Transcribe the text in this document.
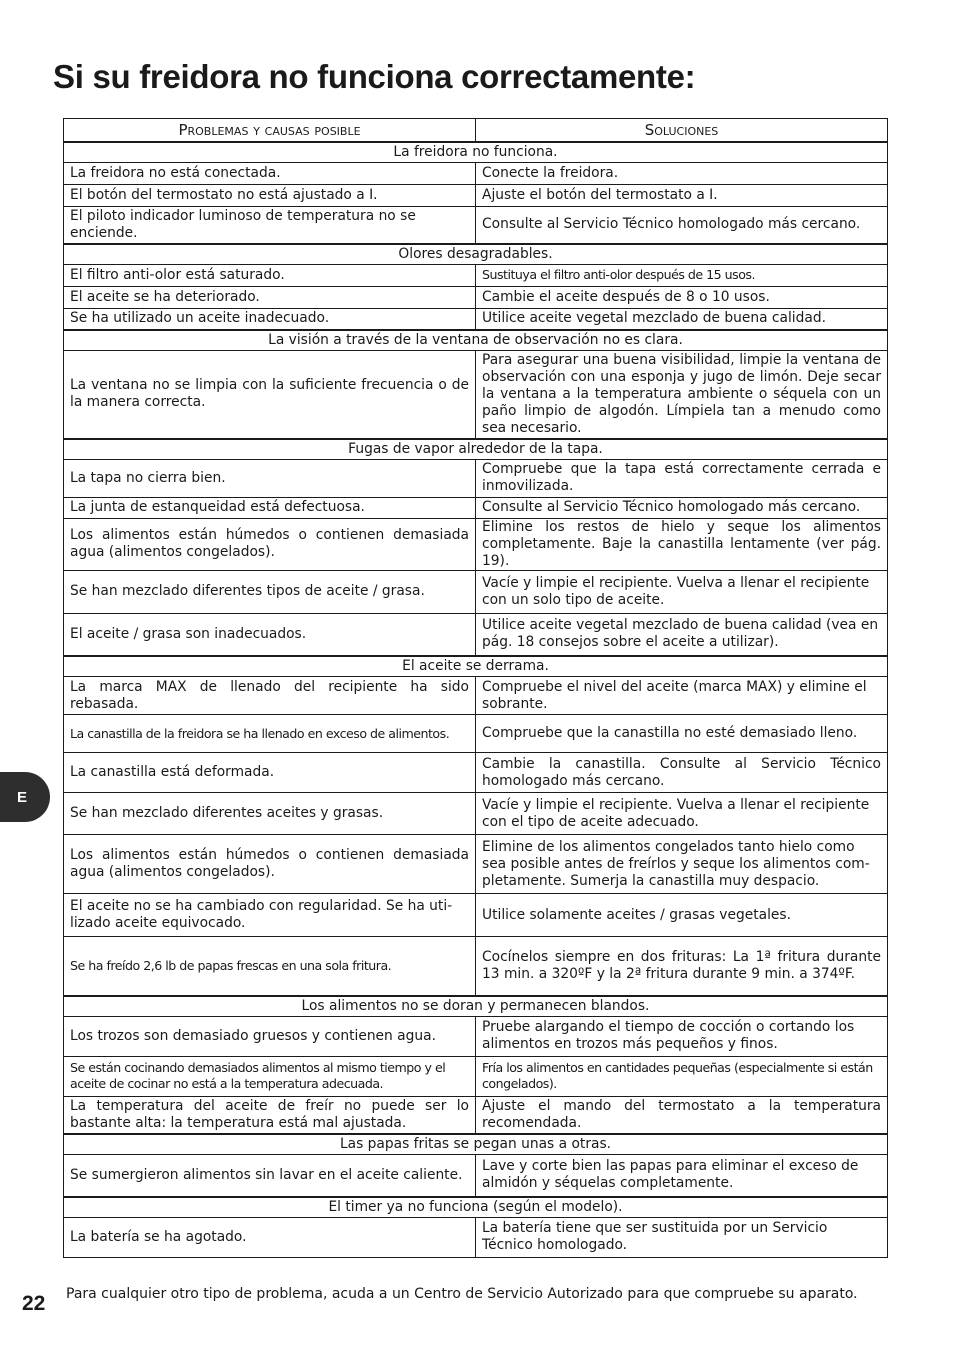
Si su freidora no funciona correctamente:
Problemas y causas posible	Soluciones
La freidora no funciona.	
La freidora no está conectada.	Conecte la freidora.
El botón del termostato no está ajustado a I.	Ajuste el botón del termostato a I.
El piloto indicador luminoso de temperatura no se enciende.	Consulte al Servicio Técnico homologado más cercano.
Olores desagradables.	
El filtro anti-olor está saturado.	Sustituya el filtro anti-olor después de 15 usos.
El aceite se ha deteriorado.	Cambie el aceite después de 8 o 10 usos.
Se ha utilizado un aceite inadecuado.	Utilice aceite vegetal mezclado de buena calidad.
La visión a través de la ventana de observación no es clara.	
La ventana no se limpia con la suficiente frecuencia o de la manera correcta.	Para asegurar una buena visibilidad, limpie la ventana de observación con una esponja y jugo de limón. Deje secar la ventana a la temperatura ambiente o séquela con un paño limpio de algodón. Límpiela tan a menudo como sea necesario.
Fugas de vapor alrededor de la tapa.	
La tapa no cierra bien.	Compruebe que la tapa está correctamente cerrada e inmovilizada.
La junta de estanqueidad está defectuosa.	Consulte al Servicio Técnico homologado más cercano.
Los alimentos están húmedos o contienen demasiada agua (alimentos congelados).	Elimine los restos de hielo y seque los alimentos completamente. Baje la canastilla lentamente (ver pág. 19).
Se han mezclado diferentes tipos de aceite / grasa.	Vacíe y limpie el recipiente. Vuelva a llenar el recipiente con un solo tipo de aceite.
El aceite / grasa son inadecuados.	Utilice aceite vegetal mezclado de buena calidad (vea en pág. 18 consejos sobre el aceite a utilizar).
El aceite se derrama.	
La marca MAX de llenado del recipiente ha sido rebasada.	Compruebe el nivel del aceite (marca MAX) y elimine el sobrante.
La canastilla de la freidora se ha llenado en exceso de alimentos.	Compruebe que la canastilla no esté demasiado lleno.
La canastilla está deformada.	Cambie la canastilla. Consulte al Servicio Técnico homologado más cercano.
Se han mezclado diferentes aceites y grasas.	Vacíe y limpie el recipiente. Vuelva a llenar el recipiente con el tipo de aceite adecuado.
Los alimentos están húmedos o contienen demasiada agua (alimentos congelados).	Elimine de los alimentos congelados tanto hielo como sea posible antes de freírlos y seque los alimentos com-pletamente. Sumerja la canastilla muy despacio.
El aceite no se ha cambiado con regularidad. Se ha uti-lizado aceite equivocado.	Utilice solamente aceites / grasas vegetales.
Se ha freído 2,6 lb de papas frescas en una sola fritura.	Cocínelos siempre en dos frituras: La 1ª fritura durante 13 min. a 320ºF y la 2ª fritura durante 9 min. a 374ºF.
Los alimentos no se doran y permanecen blandos.	
Los trozos son demasiado gruesos y contienen agua.	Pruebe alargando el tiempo de cocción o cortando los alimentos en trozos más pequeños y finos.
Se están cocinando demasiados alimentos al mismo tiempo y el aceite de cocinar no está a la temperatura adecuada.	Fría los alimentos en cantidades pequeñas (especialmente si están congelados).
La temperatura del aceite de freír no puede ser lo bastante alta: la temperatura está mal ajustada.	Ajuste el mando del termostato a la temperatura recomendada.
Las papas fritas se pegan unas a otras.	
Se sumergieron alimentos sin lavar en el aceite caliente.	Lave y corte bien las papas para eliminar el exceso de almidón y séquelas completamente.
El timer ya no funciona (según el modelo).	
La batería se ha agotado.	La batería tiene que ser sustituida por un Servicio Técnico homologado.
E
22 Para cualquier otro tipo de problema, acuda a un Centro de Servicio Autorizado para que compruebe su aparato.
